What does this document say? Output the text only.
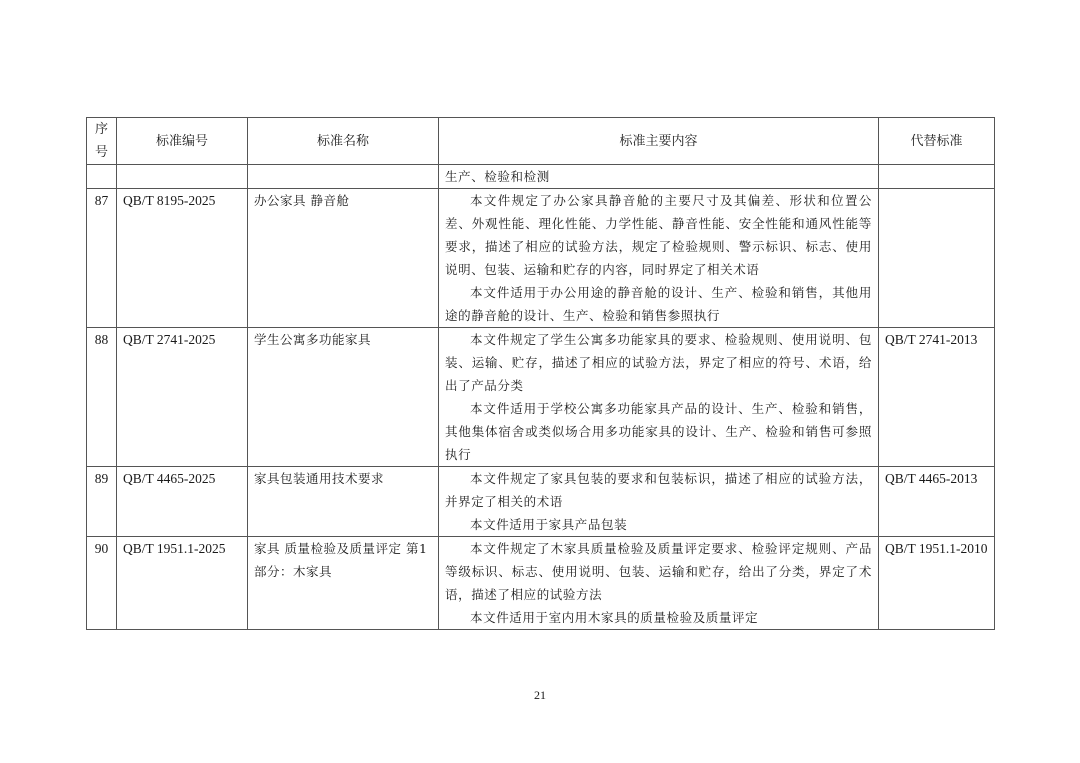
序号	标准编号	标准名称	标准主要内容	代替标准

			生产、检验和检测	

87	QB/T 8195-2025	办公家具 静音舱	本文件规定了办公家具静音舱的主要尺寸及其偏差、形状和位置公差、外观性能、理化性能、力学性能、静音性能、安全性能和通风性能等要求，描述了相应的试验方法，规定了检验规则、警示标识、标志、使用说明、包装、运输和贮存的内容，同时界定了相关术语

本文件适用于办公用途的静音舱的设计、生产、检验和销售，其他用途的静音舱的设计、生产、检验和销售参照执行	

88	QB/T 2741-2025	学生公寓多功能家具	本文件规定了学生公寓多功能家具的要求、检验规则、使用说明、包装、运输、贮存，描述了相应的试验方法，界定了相应的符号、术语，给出了产品分类

本文件适用于学校公寓多功能家具产品的设计、生产、检验和销售，其他集体宿舍或类似场合用多功能家具的设计、生产、检验和销售可参照执行	QB/T 2741-2013
89	QB/T 4465-2025	家具包装通用技术要求	本文件规定了家具包装的要求和包装标识，描述了相应的试验方法，并界定了相关的术语

本文件适用于家具产品包装	QB/T 4465-2013
90	QB/T 1951.1-2025	家具 质量检验及质量评定 第1部分：木家具	本文件规定了木家具质量检验及质量评定要求、检验评定规则、产品等级标识、标志、使用说明、包装、运输和贮存，给出了分类，界定了术语，描述了相应的试验方法

本文件适用于室内用木家具的质量检验及质量评定	QB/T 1951.1-2010
21
